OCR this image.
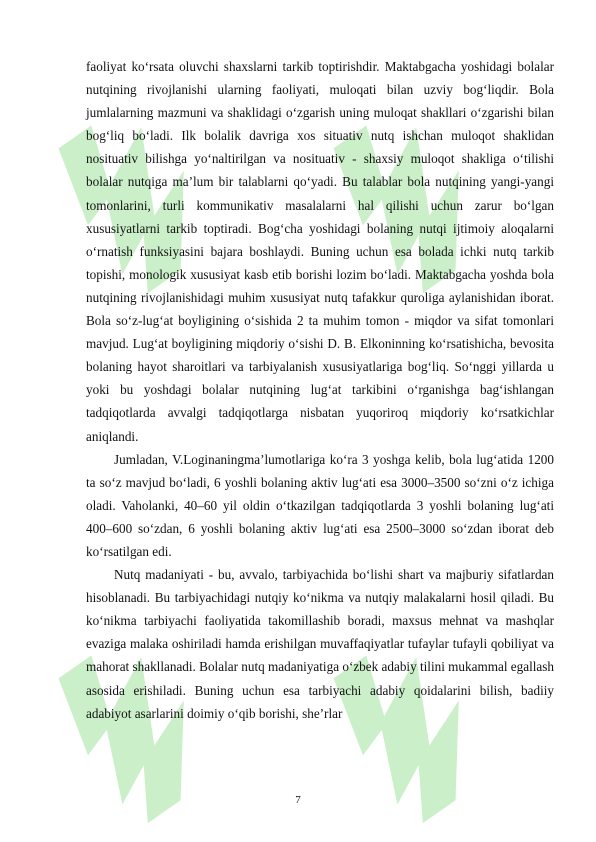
faoliyat ko‘rsata oluvchi shaxslarni tarkib toptirishdir. Maktabgacha yoshidagi bolalar nutqining rivojlanishi ularning faoliyati, muloqati bilan uzviy bog‘liqdir. Bola jumlalarning mazmuni va shaklidagi o‘zgarish uning muloqat shakllari o‘zgarishi bilan bog‘liq bo‘ladi. Ilk bolalik davriga xos situativ nutq ishchan muloqot shaklidan nosituativ bilishga yo‘naltirilgan va nosituativ - shaxsiy muloqot shakliga o‘tilishi bolalar nutqiga ma’lum bir talablarni qo‘yadi. Bu talablar bola nutqining yangi-yangi tomonlarini, turli kommunikativ masalalarni hal qilishi uchun zarur bo‘lgan xususiyatlarni tarkib toptiradi. Bog‘cha yoshidagi bolaning nutqi ijtimoiy aloqalarni o‘rnatish funksiyasini bajara boshlaydi. Buning uchun esa bolada ichki nutq tarkib topishi, monologik xususiyat kasb etib borishi lozim bo‘ladi. Maktabgacha yoshda bola nutqining rivojlanishidagi muhim xususiyat nutq tafakkur quroliga aylanishidan iborat. Bola so‘z-lug‘at boyligining o‘sishida 2 ta muhim tomon - miqdor va sifat tomonlari mavjud. Lug‘at boyligining miqdoriy o‘sishi D. B. Elkoninning ko‘rsatishicha, bevosita bolaning hayot sharoitlari va tarbiyalanish xususiyatlariga bog‘liq. So‘nggi yillarda u yoki bu yoshdagi bolalar nutqining lug‘at tarkibini o‘rganishga bag‘ishlangan tadqiqotlarda avvalgi tadqiqotlarga nisbatan yuqoriroq miqdoriy ko‘rsatkichlar aniqlandi.

Jumladan, V.Loginaningma’lumotlariga ko‘ra 3 yoshga kelib, bola lug‘atida 1200 ta so‘z mavjud bo‘ladi, 6 yoshli bolaning aktiv lug‘ati esa 3000–3500 so‘zni o‘z ichiga oladi. Vaholanki, 40–60 yil oldin o‘tkazilgan tadqiqotlarda 3 yoshli bolaning lug‘ati 400–600 so‘zdan, 6 yoshli bolaning aktiv lug‘ati esa 2500–3000 so‘zdan iborat deb ko‘rsatilgan edi.

Nutq madaniyati - bu, avvalo, tarbiyachida bo‘lishi shart va majburiy sifatlardan hisoblanadi. Bu tarbiyachidagi nutqiy ko‘nikma va nutqiy malakalarni hosil qiladi. Bu ko‘nikma tarbiyachi faoliyatida takomillashib boradi, maxsus mehnat va mashqlar evaziga malaka oshiriladi hamda erishilgan muvaffaqiyatlar tufaylar tufayli qobiliyat va mahorat shakllanadi. Bolalar nutq madaniyatiga o‘zbek adabiy tilini mukammal egallash asosida erishiladi. Buning uchun esa tarbiyachi adabiy qoidalarini bilish, badiiy adabiyot asarlarini doimiy o‘qib borishi, she’rlar

7
